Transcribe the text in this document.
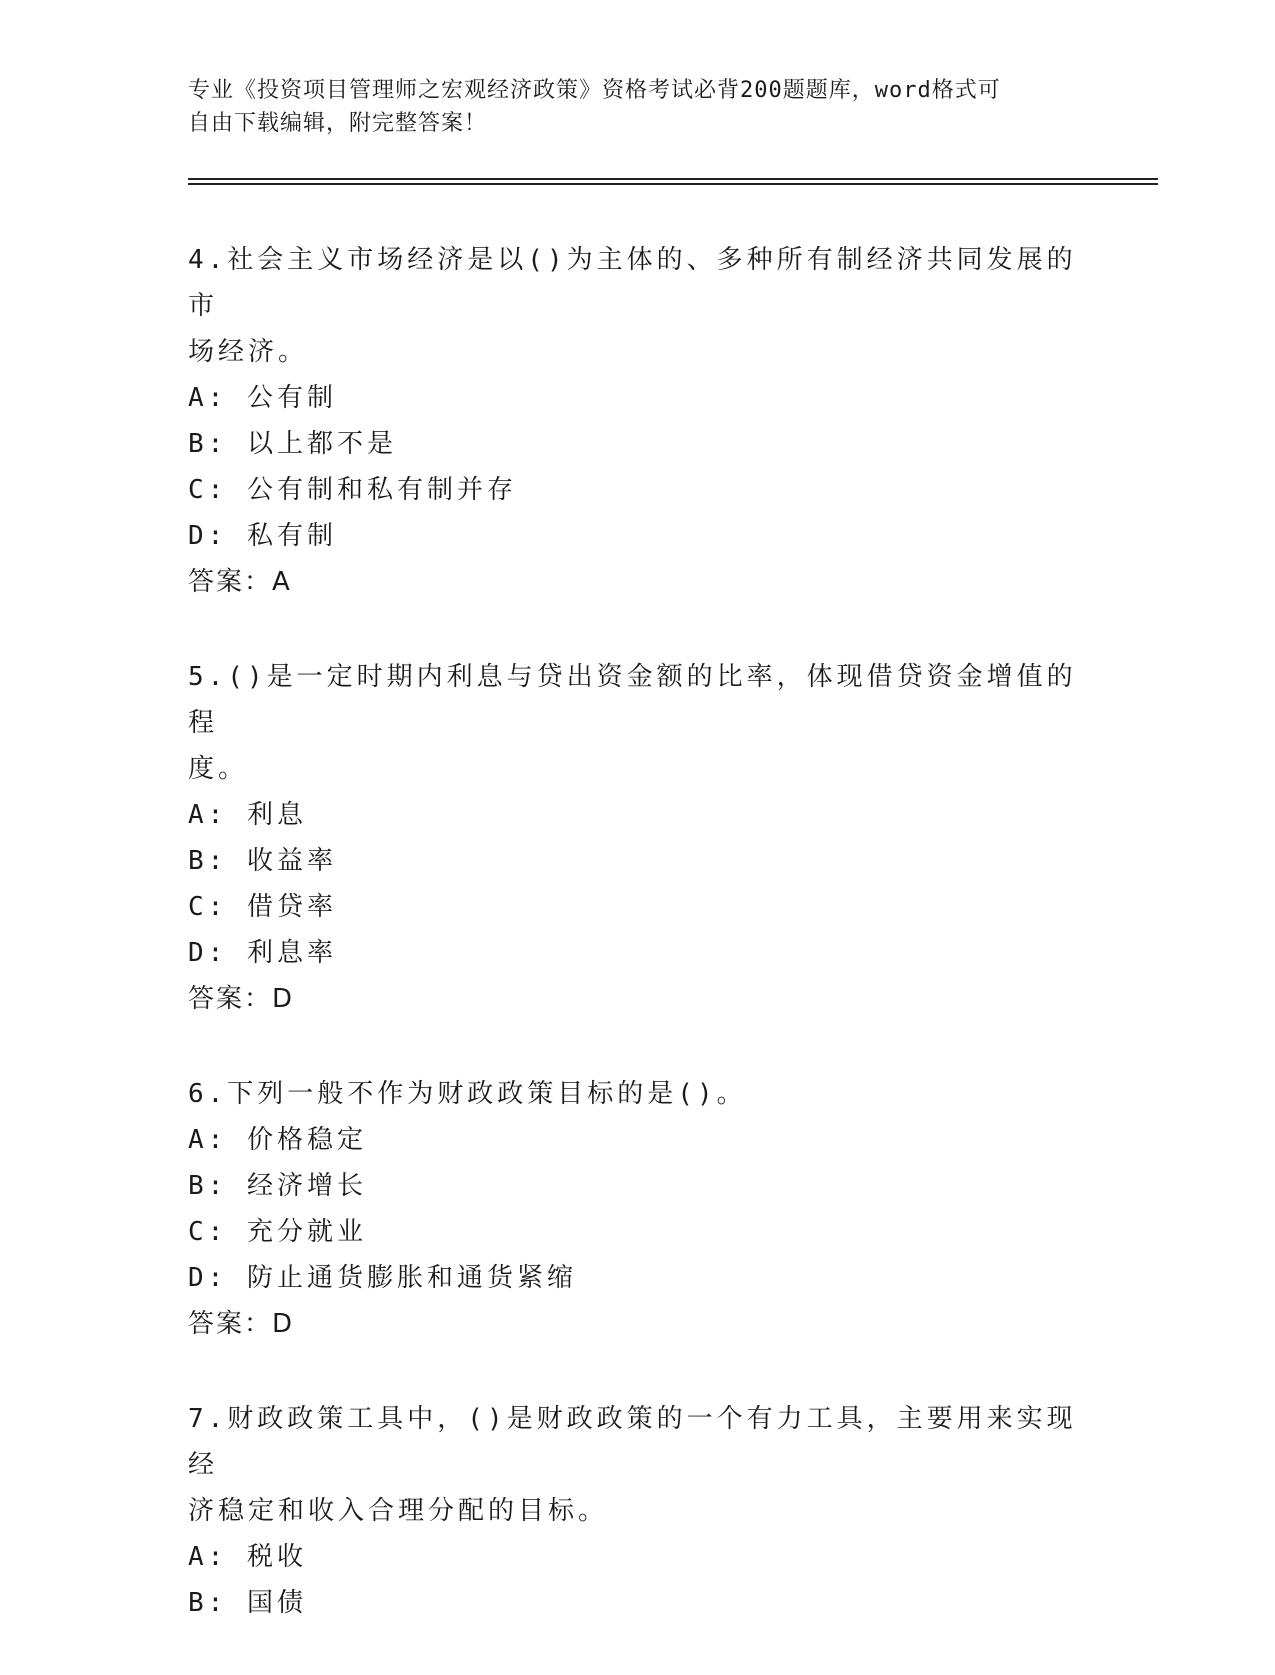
专业《投资项目管理师之宏观经济政策》资格考试必背200题题库，word格式可
自由下载编辑，附完整答案！

4.社会主义市场经济是以()为主体的、多种所有制经济共同发展的市

场经济。

A: 公有制

B: 以上都不是

C: 公有制和私有制并存

D: 私有制

答案：A

5.()是一定时期内利息与贷出资金额的比率，体现借贷资金增值的程

度。

A: 利息

B: 收益率

C: 借贷率

D: 利息率

答案：D

6.下列一般不作为财政政策目标的是()。

A: 价格稳定

B: 经济增长

C: 充分就业

D: 防止通货膨胀和通货紧缩

答案：D

7.财政政策工具中，()是财政政策的一个有力工具，主要用来实现经

济稳定和收入合理分配的目标。

A: 税收

B: 国债
